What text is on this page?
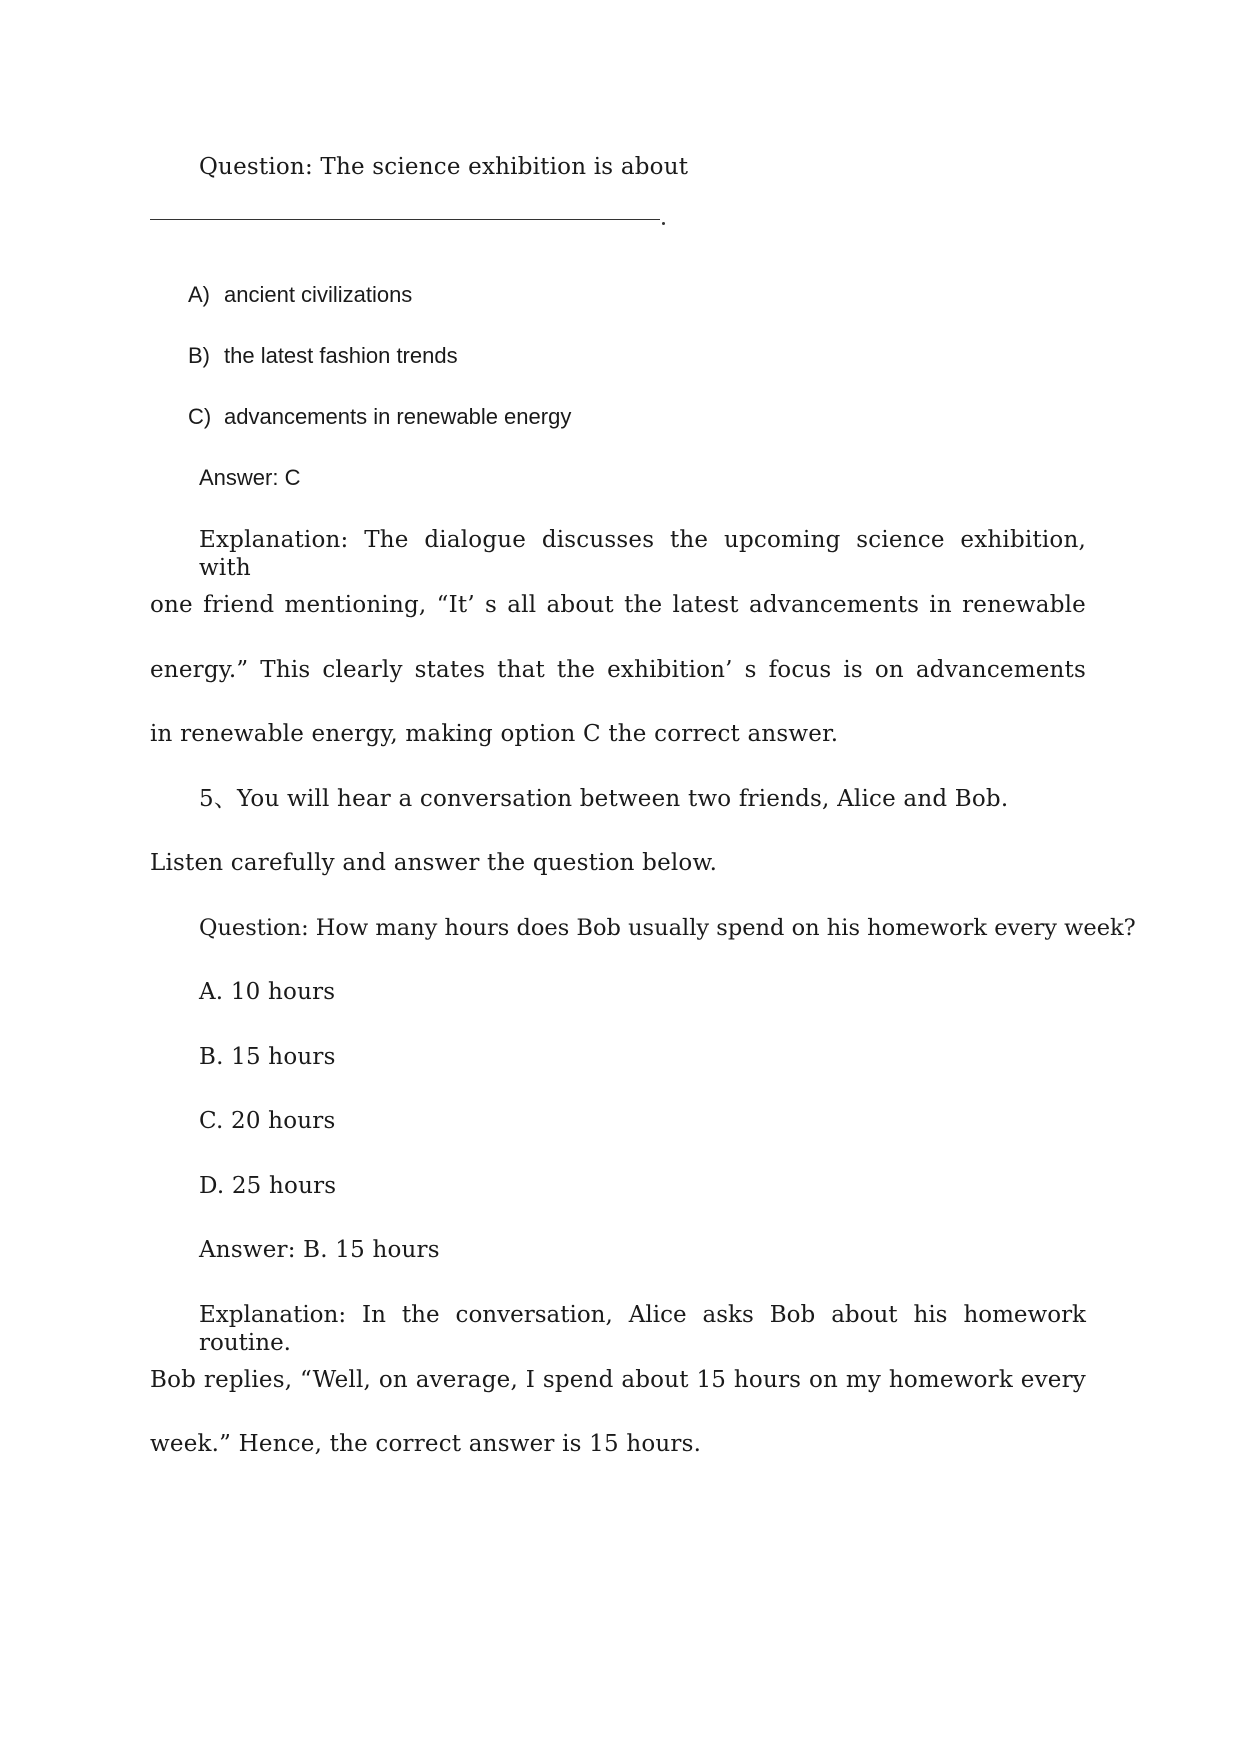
Question: The science exhibition is about
A) ancient civilizations
B) the latest fashion trends
C) advancements in renewable energy
Answer: C
Explanation: The dialogue discusses the upcoming science exhibition, with
one friend mentioning, “It’ s all about the latest advancements in renewable
energy.” This clearly states that the exhibition’ s focus is on advancements
in renewable energy, making option C the correct answer.
5、You will hear a conversation between two friends, Alice and Bob.
Listen carefully and answer the question below.
Question: How many hours does Bob usually spend on his homework every week?
A. 10 hours
B. 15 hours
C. 20 hours
D. 25 hours
Answer: B. 15 hours
Explanation: In the conversation, Alice asks Bob about his homework routine.
Bob replies, “Well, on average, I spend about 15 hours on my homework every
week.” Hence, the correct answer is 15 hours.
